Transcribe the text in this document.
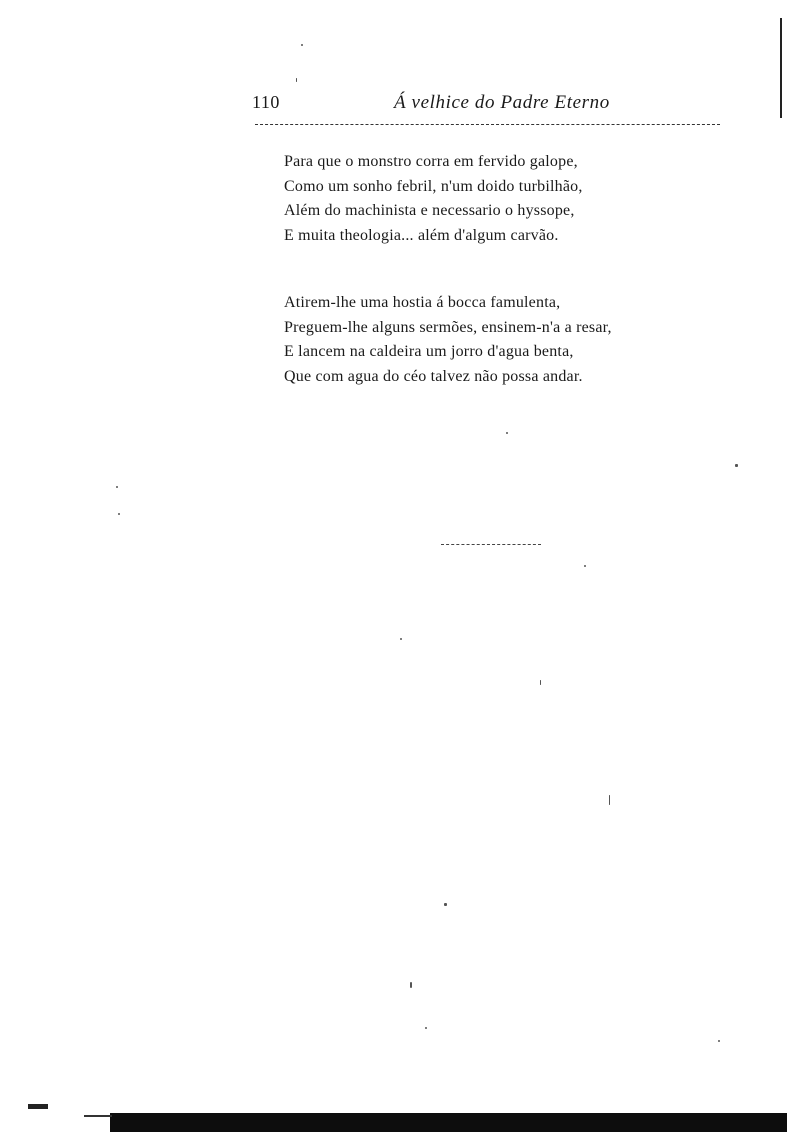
110	Á velhice do Padre Eterno
Para que o monstro corra em fervido galope,
Como um sonho febril, n'um doido turbilhão,
Além do machinista e necessario o hyssope,
E muita theologia... além d'algum carvão.
Atirem-lhe uma hostia á bocca famulenta,
Preguem-lhe alguns sermões, ensinem-n'a a resar,
E lancem na caldeira um jorro d'agua benta,
Que com agua do céo talvez não possa andar.
